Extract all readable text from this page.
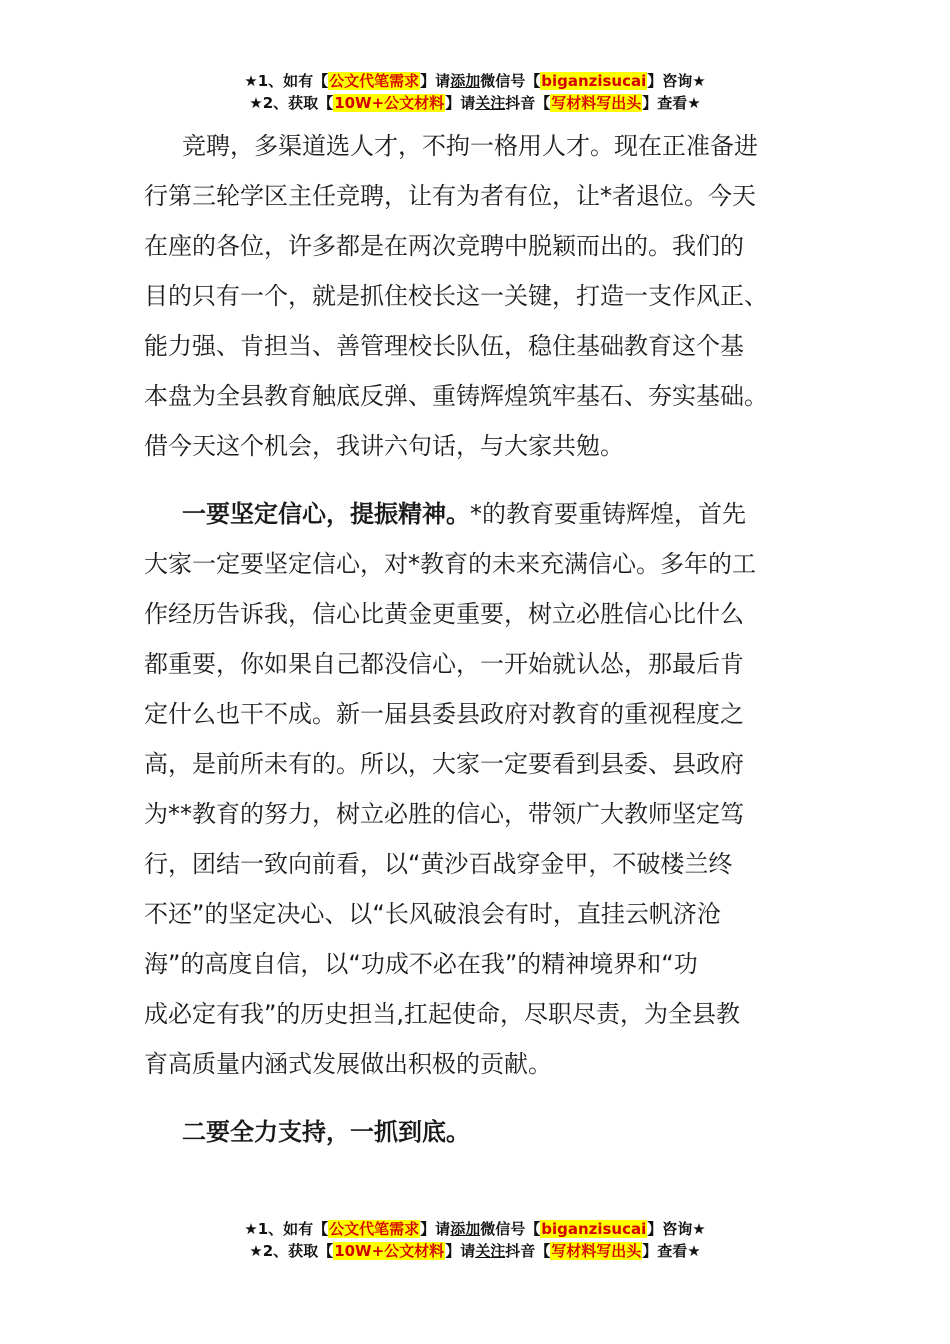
★1、如有【公文代笔需求】请添加微信号【biganzisucai】咨询★
★2、获取【10W+公文材料】请关注抖音【写材料写出头】查看★

竞聘，多渠道选人才，不拘一格用人才。现在正准备进
行第三轮学区主任竞聘，让有为者有位，让*者退位。今天
在座的各位，许多都是在两次竞聘中脱颖而出的。我们的
目的只有一个，就是抓住校长这一关键，打造一支作风正、
能力强、肯担当、善管理校长队伍，稳住基础教育这个基
本盘为全县教育触底反弹、重铸辉煌筑牢基石、夯实基础。
借今天这个机会，我讲六句话，与大家共勉。

一要坚定信心，提振精神。*的教育要重铸辉煌，首先
大家一定要坚定信心，对*教育的未来充满信心。多年的工
作经历告诉我，信心比黄金更重要，树立必胜信心比什么
都重要，你如果自己都没信心，一开始就认怂，那最后肯
定什么也干不成。新一届县委县政府对教育的重视程度之
高，是前所未有的。所以，大家一定要看到县委、县政府
为**教育的努力，树立必胜的信心，带领广大教师坚定笃
行，团结一致向前看，以“黄沙百战穿金甲，不破楼兰终
不还”的坚定决心、以“长风破浪会有时，直挂云帆济沧
海”的高度自信，以“功成不必在我”的精神境界和“功
成必定有我”的历史担当,扛起使命，尽职尽责，为全县教
育高质量内涵式发展做出积极的贡献。

二要全力支持，一抓到底。

★1、如有【公文代笔需求】请添加微信号【biganzisucai】咨询★
★2、获取【10W+公文材料】请关注抖音【写材料写出头】查看★
